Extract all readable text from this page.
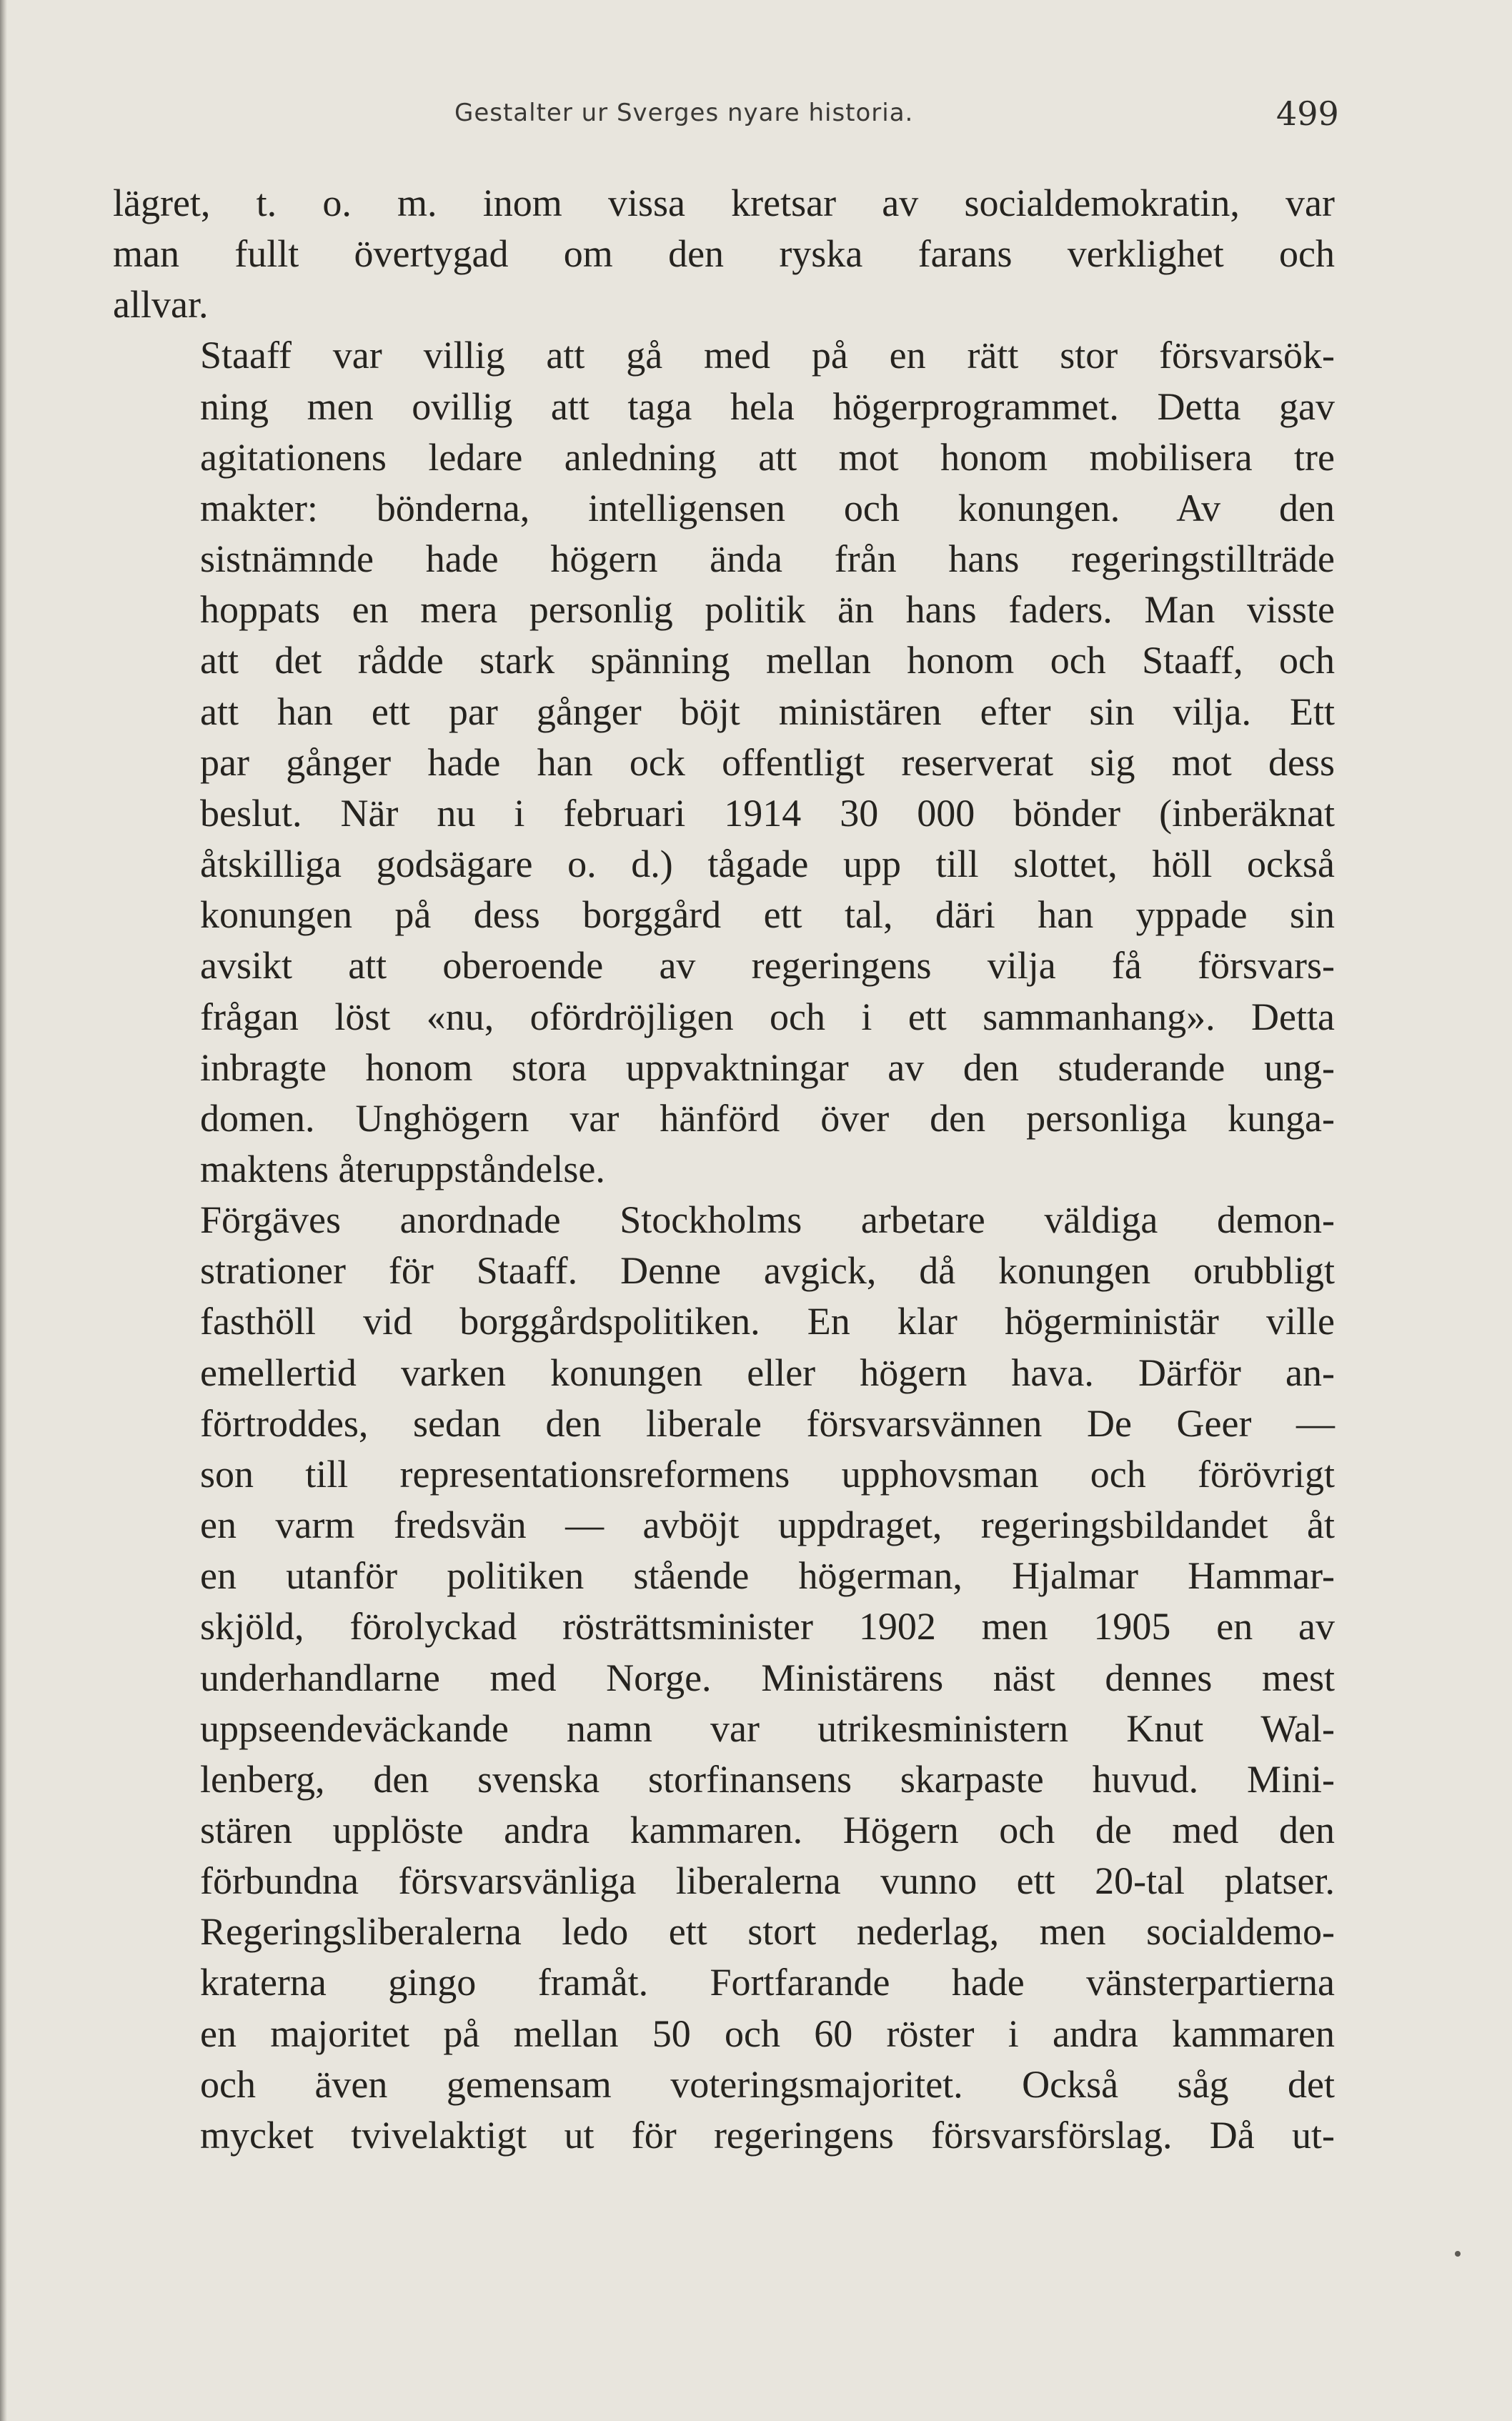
Gestalter ur Sverges nyare historia.	499

lägret, t. o. m. inom vissa kretsar av socialdemokratin, var
man fullt övertygad om den ryska farans verklighet och
allvar.

Staaff var villig att gå med på en rätt stor försvarsök-
ning men ovillig att taga hela högerprogrammet. Detta gav
agitationens ledare anledning att mot honom mobilisera tre
makter: bönderna, intelligensen och konungen. Av den
sistnämnde hade högern ända från hans regeringstillträde
hoppats en mera personlig politik än hans faders. Man visste
att det rådde stark spänning mellan honom och Staaff, och
att han ett par gånger böjt ministären efter sin vilja. Ett
par gånger hade han ock offentligt reserverat sig mot dess
beslut. När nu i februari 1914 30 000 bönder (inberäknat
åtskilliga godsägare o. d.) tågade upp till slottet, höll också
konungen på dess borggård ett tal, däri han yppade sin
avsikt att oberoende av regeringens vilja få försvars-
frågan löst «nu, ofördröjligen och i ett sammanhang». Detta
inbragte honom stora uppvaktningar av den studerande ung-
domen. Unghögern var hänförd över den personliga kunga-
maktens återuppståndelse.

Förgäves anordnade Stockholms arbetare väldiga demon-
strationer för Staaff. Denne avgick, då konungen orubbligt
fasthöll vid borggårdspolitiken. En klar högerministär ville
emellertid varken konungen eller högern hava. Därför an-
förtroddes, sedan den liberale försvarsvännen De Geer —
son till representationsreformens upphovsman och förövrigt
en varm fredsvän — avböjt uppdraget, regeringsbildandet åt
en utanför politiken stående högerman, Hjalmar Hammar-
skjöld, förolyckad rösträttsminister 1902 men 1905 en av
underhandlarne med Norge. Ministärens näst dennes mest
uppseendeväckande namn var utrikesministern Knut Wal-
lenberg, den svenska storfinansens skarpaste huvud. Mini-
stären upplöste andra kammaren. Högern och de med den
förbundna försvarsvänliga liberalerna vunno ett 20-tal platser.
Regeringsliberalerna ledo ett stort nederlag, men socialdemo-
kraterna gingo framåt. Fortfarande hade vänsterpartierna
en majoritet på mellan 50 och 60 röster i andra kammaren
och även gemensam voteringsmajoritet. Också såg det
mycket tvivelaktigt ut för regeringens försvarsförslag. Då ut-
